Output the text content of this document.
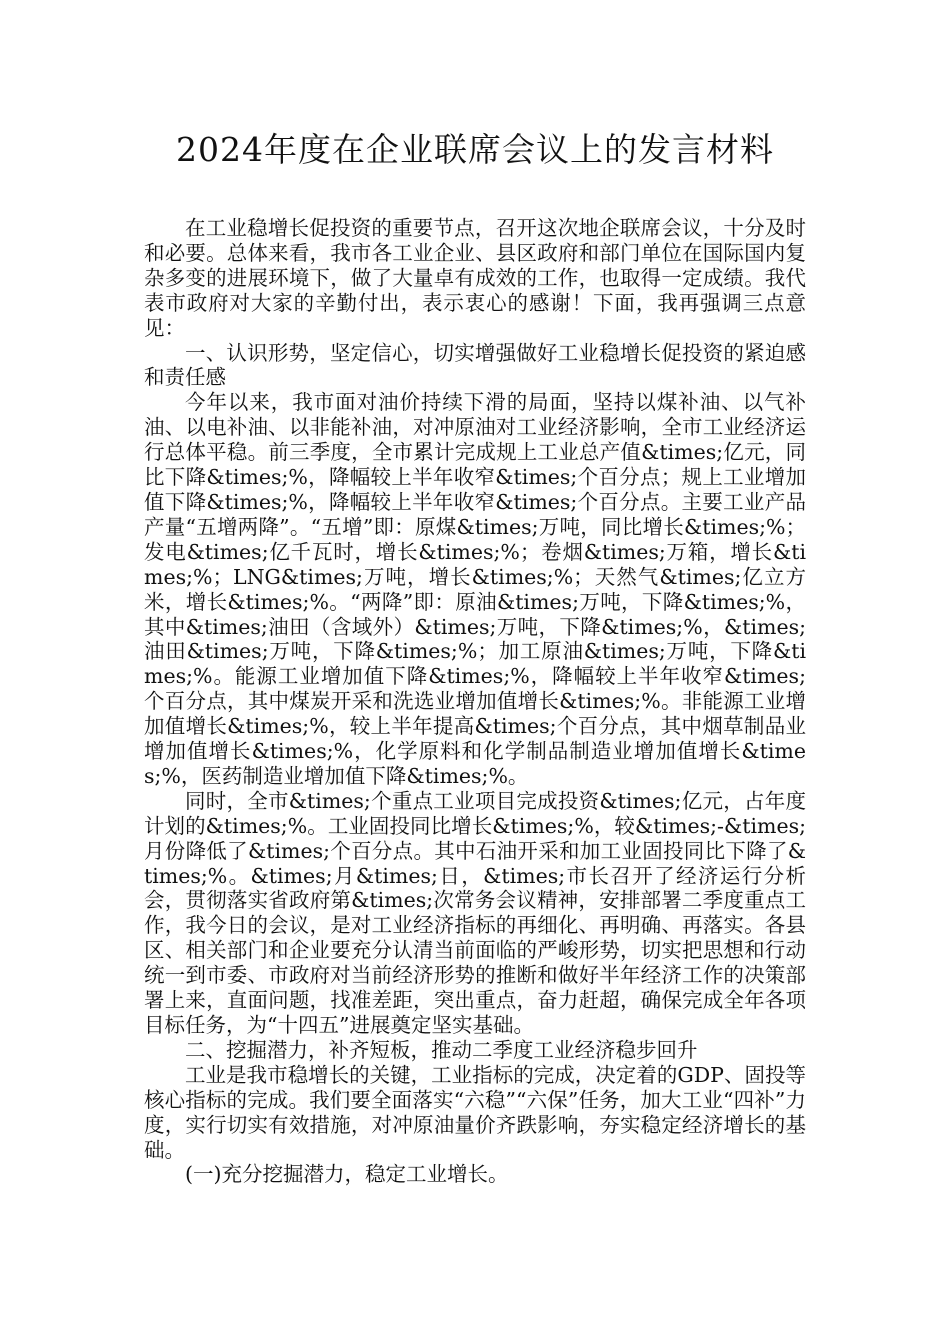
2024年度在企业联席会议上的发言材料

在工业稳增长促投资的重要节点，召开这次地企联席会议，十分及时和必要。总体来看，我市各工业企业、县区政府和部门单位在国际国内复杂多变的进展环境下，做了大量卓有成效的工作，也取得一定成绩。我代表市政府对大家的辛勤付出，表示衷心的感谢！下面，我再强调三点意见：

一、认识形势，坚定信心，切实增强做好工业稳增长促投资的紧迫感和责任感

今年以来，我市面对油价持续下滑的局面，坚持以煤补油、以气补油、以电补油、以非能补油，对冲原油对工业经济影响，全市工业经济运行总体平稳。前三季度，全市累计完成规上工业总产值&times;亿元，同比下降&times;%，降幅较上半年收窄&times;个百分点；规上工业增加值下降&times;%，降幅较上半年收窄&times;个百分点。主要工业产品产量“五增两降”。“五增”即：原煤&times;万吨，同比增长&times;%；发电&times;亿千瓦时，增长&times;%；卷烟&times;万箱，增长&times;%；LNG&times;万吨，增长&times;%；天然气&times;亿立方米，增长&times;%。“两降”即：原油&times;万吨，下降&times;%，其中&times;油田（含域外）&times;万吨，下降&times;%，&times;油田&times;万吨，下降&times;%；加工原油&times;万吨，下降&times;%。能源工业增加值下降&times;%，降幅较上半年收窄&times;个百分点，其中煤炭开采和洗选业增加值增长&times;%。非能源工业增加值增长&times;%，较上半年提高&times;个百分点，其中烟草制品业增加值增长&times;%，化学原料和化学制品制造业增加值增长&times;%，医药制造业增加值下降&times;%。

同时，全市&times;个重点工业项目完成投资&times;亿元，占年度计划的&times;%。工业固投同比增长&times;%，较&times;-&times;月份降低了&times;个百分点。其中石油开采和加工业固投同比下降了&times;%。&times;月&times;日，&times;市长召开了经济运行分析会，贯彻落实省政府第&times;次常务会议精神，安排部署二季度重点工作，我今日的会议，是对工业经济指标的再细化、再明确、再落实。各县区、相关部门和企业要充分认清当前面临的严峻形势，切实把思想和行动统一到市委、市政府对当前经济形势的推断和做好半年经济工作的决策部署上来，直面问题，找准差距，突出重点，奋力赶超，确保完成全年各项目标任务，为“十四五”进展奠定坚实基础。

二、挖掘潜力，补齐短板，推动二季度工业经济稳步回升

工业是我市稳增长的关键，工业指标的完成，决定着的GDP、固投等核心指标的完成。我们要全面落实“六稳”“六保”任务，加大工业“四补”力度，实行切实有效措施，对冲原油量价齐跌影响，夯实稳定经济增长的基础。

(一)充分挖掘潜力，稳定工业增长。
